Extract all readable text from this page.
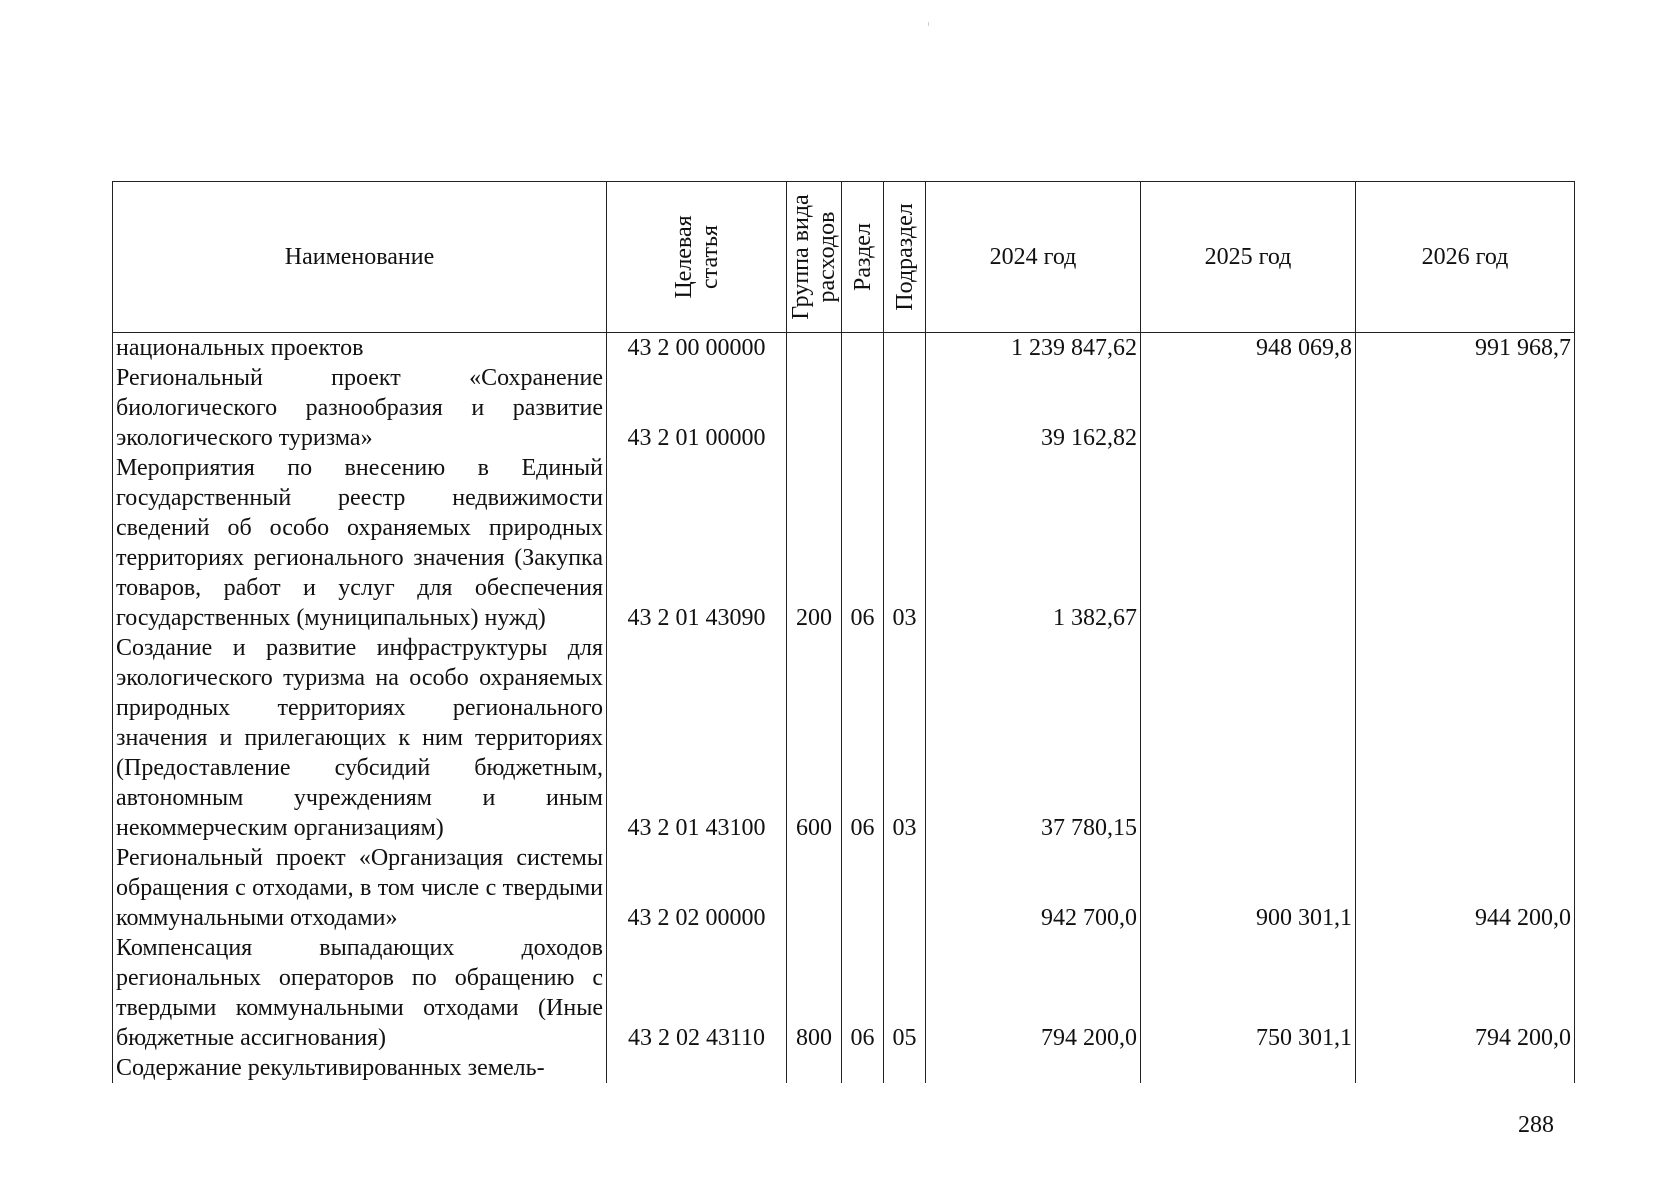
Наименование	Целевая статья	Группа вида расходов	Раздел	Подраздел	2024 год	2025 год	2026 год
национальных проектов	43 2 00 00000				1 239 847,62	948 069,8	991 968,7
Региональный проект «Сохранение биологического разнообразия и развитие экологического туризма»	43 2 01 00000				39 162,82		
Мероприятия по внесению в Единый государственный реестр недвижимости сведений об особо охраняемых природных территориях регионального значения (Закупка товаров, работ и услуг для обеспечения государственных (муниципальных) нужд)	43 2 01 43090	200	06	03	1 382,67		
Создание и развитие инфраструктуры для экологического туризма на особо охраняемых природных территориях регионального значения и прилегающих к ним территориях (Предоставление субсидий бюджетным, автономным учреждениям и иным некоммерческим организациям)	43 2 01 43100	600	06	03	37 780,15		
Региональный проект «Организация системы обращения с отходами, в том числе с твердыми коммунальными отходами»	43 2 02 00000				942 700,0	900 301,1	944 200,0
Компенсация выпадающих доходов региональных операторов по обращению с твердыми коммунальными отходами (Иные бюджетные ассигнования)	43 2 02 43110	800	06	05	794 200,0	750 301,1	794 200,0
Содержание рекультивированных земель-							
288
